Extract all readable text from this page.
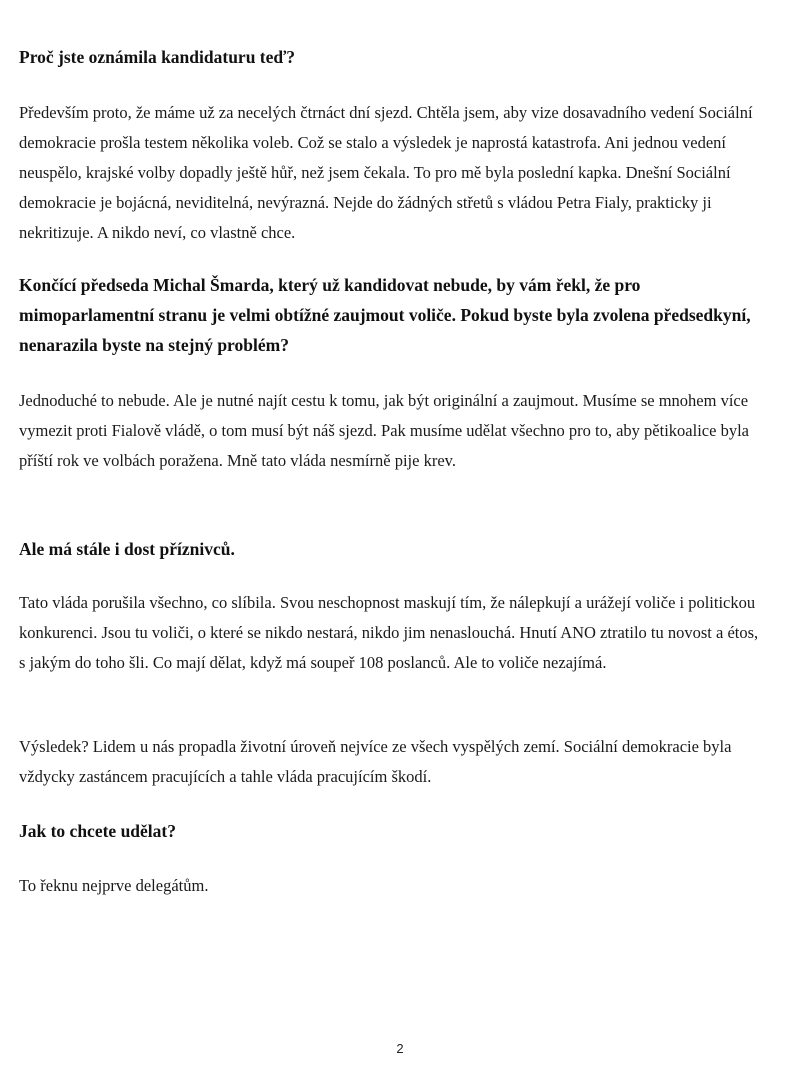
Proč jste oznámila kandidaturu teď?

Především proto, že máme už za necelých čtrnáct dní sjezd. Chtěla jsem, aby vize dosavadního vedení Sociální demokracie prošla testem několika voleb. Což se stalo a výsledek je naprostá katastrofa. Ani jednou vedení neuspělo, krajské volby dopadly ještě hůř, než jsem čekala. To pro mě byla poslední kapka. Dnešní Sociální demokracie je bojácná, neviditelná, nevýrazná. Nejde do žádných střetů s vládou Petra Fialy, prakticky ji nekritizuje. A nikdo neví, co vlastně chce.

Končící předseda Michal Šmarda, který už kandidovat nebude, by vám řekl, že pro mimoparlamentní stranu je velmi obtížné zaujmout voliče. Pokud byste byla zvolena předsedkyní, nenarazila byste na stejný problém?

Jednoduché to nebude. Ale je nutné najít cestu k tomu, jak být originální a zaujmout. Musíme se mnohem více vymezit proti Fialově vládě, o tom musí být náš sjezd. Pak musíme udělat všechno pro to, aby pětikoalice byla příští rok ve volbách poražena. Mně tato vláda nesmírně pije krev.

Ale má stále i dost příznivců.

Tato vláda porušila všechno, co slíbila. Svou neschopnost maskují tím, že nálepkují a urážejí voliče i politickou konkurenci. Jsou tu voliči, o které se nikdo nestará, nikdo jim nenaslouchá. Hnutí ANO ztratilo tu novost a étos, s jakým do toho šli. Co mají dělat, když má soupeř 108 poslanců. Ale to voliče nezajímá.

Výsledek? Lidem u nás propadla životní úroveň nejvíce ze všech vyspělých zemí. Sociální demokracie byla vždycky zastáncem pracujících a tahle vláda pracujícím škodí.

Jak to chcete udělat?

To řeknu nejprve delegátům.

2
